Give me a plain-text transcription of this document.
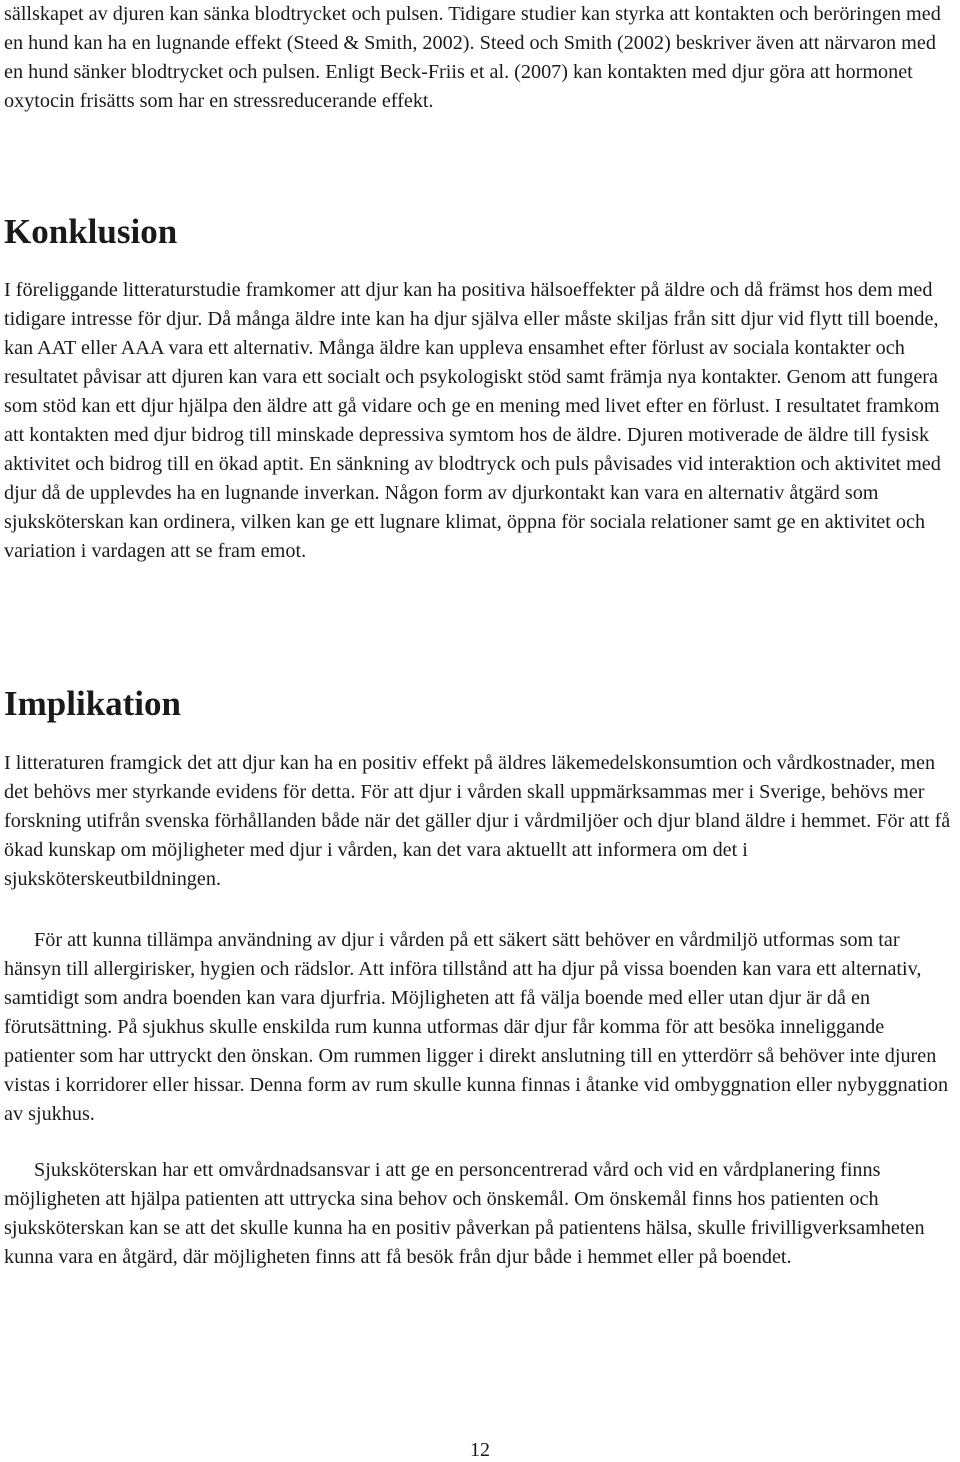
sällskapet av djuren kan sänka blodtrycket och pulsen. Tidigare studier kan styrka att kontakten och beröringen med en hund kan ha en lugnande effekt (Steed & Smith, 2002). Steed och Smith (2002) beskriver även att närvaron med en hund sänker blodtrycket och pulsen. Enligt Beck-Friis et al. (2007) kan kontakten med djur göra att hormonet oxytocin frisätts som har en stressreducerande effekt.

Konklusion

I föreliggande litteraturstudie framkomer att djur kan ha positiva hälsoeffekter på äldre och då främst hos dem med tidigare intresse för djur. Då många äldre inte kan ha djur själva eller måste skiljas från sitt djur vid flytt till boende, kan AAT eller AAA vara ett alternativ. Många äldre kan uppleva ensamhet efter förlust av sociala kontakter och resultatet påvisar att djuren kan vara ett socialt och psykologiskt stöd samt främja nya kontakter. Genom att fungera som stöd kan ett djur hjälpa den äldre att gå vidare och ge en mening med livet efter en förlust. I resultatet framkom att kontakten med djur bidrog till minskade depressiva symtom hos de äldre. Djuren motiverade de äldre till fysisk aktivitet och bidrog till en ökad aptit. En sänkning av blodtryck och puls påvisades vid interaktion och aktivitet med djur då de upplevdes ha en lugnande inverkan. Någon form av djurkontakt kan vara en alternativ åtgärd som sjuksköterskan kan ordinera, vilken kan ge ett lugnare klimat, öppna för sociala relationer samt ge en aktivitet och variation i vardagen att se fram emot.

Implikation

I litteraturen framgick det att djur kan ha en positiv effekt på äldres läkemedelskonsumtion och vårdkostnader, men det behövs mer styrkande evidens för detta. För att djur i vården skall uppmärksammas mer i Sverige, behövs mer forskning utifrån svenska förhållanden både när det gäller djur i vårdmiljöer och djur bland äldre i hemmet. För att få ökad kunskap om möjligheter med djur i vården, kan det vara aktuellt att informera om det i sjuksköterskeutbildningen.

För att kunna tillämpa användning av djur i vården på ett säkert sätt behöver en vårdmiljö utformas som tar hänsyn till allergirisker, hygien och rädslor. Att införa tillstånd att ha djur på vissa boenden kan vara ett alternativ, samtidigt som andra boenden kan vara djurfria. Möjligheten att få välja boende med eller utan djur är då en förutsättning. På sjukhus skulle enskilda rum kunna utformas där djur får komma för att besöka inneliggande patienter som har uttryckt den önskan. Om rummen ligger i direkt anslutning till en ytterdörr så behöver inte djuren vistas i korridorer eller hissar. Denna form av rum skulle kunna finnas i åtanke vid ombyggnation eller nybyggnation av sjukhus.

Sjuksköterskan har ett omvårdnadsansvar i att ge en personcentrerad vård och vid en vårdplanering finns möjligheten att hjälpa patienten att uttrycka sina behov och önskemål. Om önskemål finns hos patienten och sjuksköterskan kan se att det skulle kunna ha en positiv påverkan på patientens hälsa, skulle frivilligverksamheten kunna vara en åtgärd, där möjligheten finns att få besök från djur både i hemmet eller på boendet.

12
